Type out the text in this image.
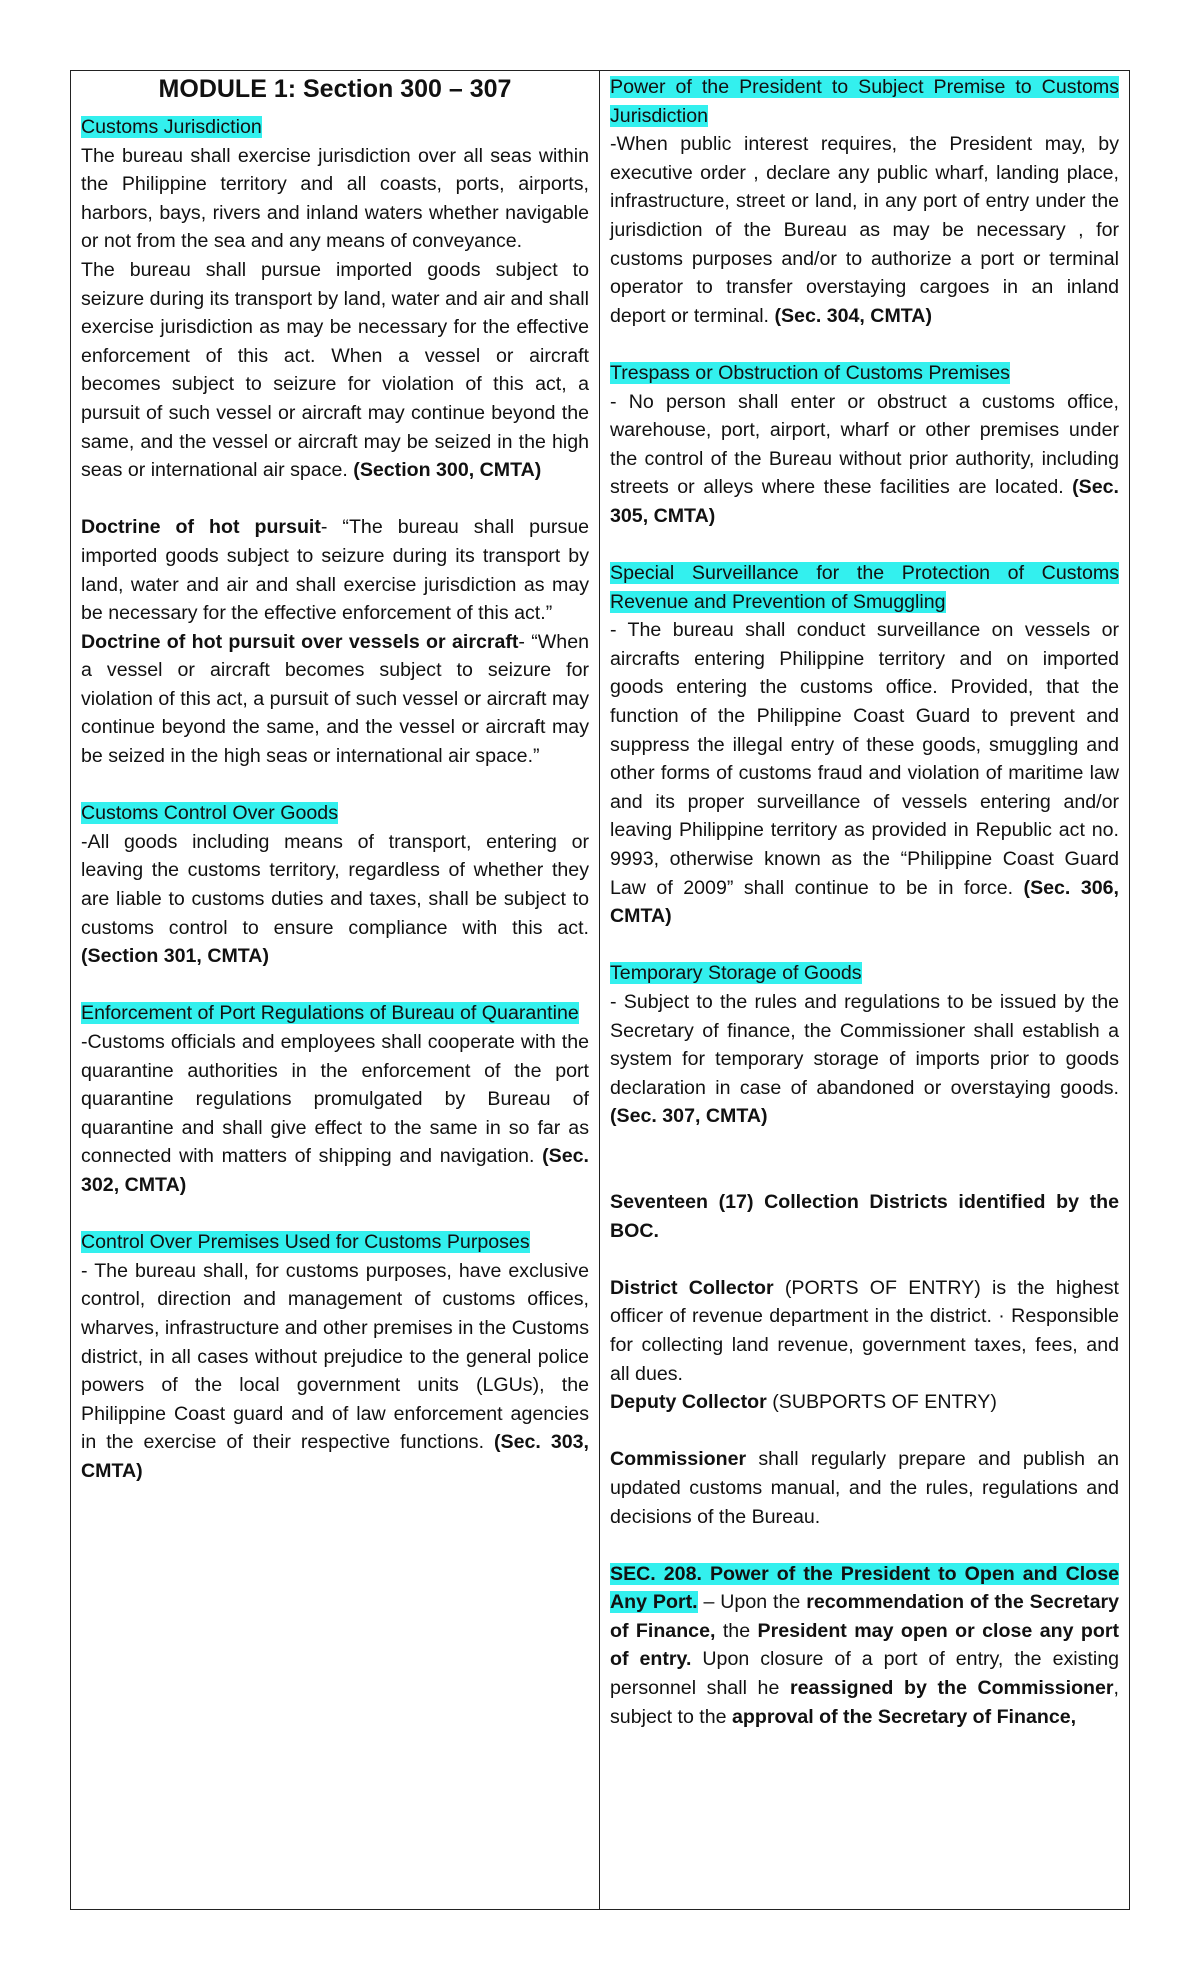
MODULE 1: Section 300 – 307

Customs Jurisdiction

The bureau shall exercise jurisdiction over all seas within the Philippine territory and all coasts, ports, airports, harbors, bays, rivers and inland waters whether navigable or not from the sea and any means of conveyance.

The bureau shall pursue imported goods subject to seizure during its transport by land, water and air and shall exercise jurisdiction as may be necessary for the effective enforcement of this act. When a vessel or aircraft becomes subject to seizure for violation of this act, a pursuit of such vessel or aircraft may continue beyond the same, and the vessel or aircraft may be seized in the high seas or international air space. (Section 300, CMTA)

Doctrine of hot pursuit- “The bureau shall pursue imported goods subject to seizure during its transport by land, water and air and shall exercise jurisdiction as may be necessary for the effective enforcement of this act.”

Doctrine of hot pursuit over vessels or aircraft- “When a vessel or aircraft becomes subject to seizure for violation of this act, a pursuit of such vessel or aircraft may continue beyond the same, and the vessel or aircraft may be seized in the high seas or international air space.”

Customs Control Over Goods

-All goods including means of transport, entering or leaving the customs territory, regardless of whether they are liable to customs duties and taxes, shall be subject to customs control to ensure compliance with this act. (Section 301, CMTA)

Enforcement of Port Regulations of Bureau of Quarantine

-Customs officials and employees shall cooperate with the quarantine authorities in the enforcement of the port quarantine regulations promulgated by Bureau of quarantine and shall give effect to the same in so far as connected with matters of shipping and navigation. (Sec. 302, CMTA)

Control Over Premises Used for Customs Purposes

- The bureau shall, for customs purposes, have exclusive control, direction and management of customs offices, wharves, infrastructure and other premises in the Customs district, in all cases without prejudice to the general police powers of the local government units (LGUs), the Philippine Coast guard and of law enforcement agencies in the exercise of their respective functions. (Sec. 303, CMTA)

Power of the President to Subject Premise to Customs Jurisdiction

-When public interest requires, the President may, by executive order , declare any public wharf, landing place, infrastructure, street or land, in any port of entry under the jurisdiction of the Bureau as may be necessary , for customs purposes and/or to authorize a port or terminal operator to transfer overstaying cargoes in an inland deport or terminal. (Sec. 304, CMTA)

Trespass or Obstruction of Customs Premises

- No person shall enter or obstruct a customs office, warehouse, port, airport, wharf or other premises under the control of the Bureau without prior authority, including streets or alleys where these facilities are located. (Sec. 305, CMTA)

Special Surveillance for the Protection of Customs Revenue and Prevention of Smuggling

- The bureau shall conduct surveillance on vessels or aircrafts entering Philippine territory and on imported goods entering the customs office. Provided, that the function of the Philippine Coast Guard to prevent and suppress the illegal entry of these goods, smuggling and other forms of customs fraud and violation of maritime law and its proper surveillance of vessels entering and/or leaving Philippine territory as provided in Republic act no. 9993, otherwise known as the “Philippine Coast Guard Law of 2009” shall continue to be in force. (Sec. 306, CMTA)

Temporary Storage of Goods

- Subject to the rules and regulations to be issued by the Secretary of finance, the Commissioner shall establish a system for temporary storage of imports prior to goods declaration in case of abandoned or overstaying goods. (Sec. 307, CMTA)

Seventeen (17) Collection Districts identified by the BOC.

District Collector (PORTS OF ENTRY) is the highest officer of revenue department in the district. · Responsible for collecting land revenue, government taxes, fees, and all dues.

Deputy Collector (SUBPORTS OF ENTRY)

Commissioner shall regularly prepare and publish an updated customs manual, and the rules, regulations and decisions of the Bureau.

SEC. 208. Power of the President to Open and Close Any Port. – Upon the recommendation of the Secretary of Finance, the President may open or close any port of entry. Upon closure of a port of entry, the existing personnel shall he reassigned by the Commissioner, subject to the approval of the Secretary of Finance,
